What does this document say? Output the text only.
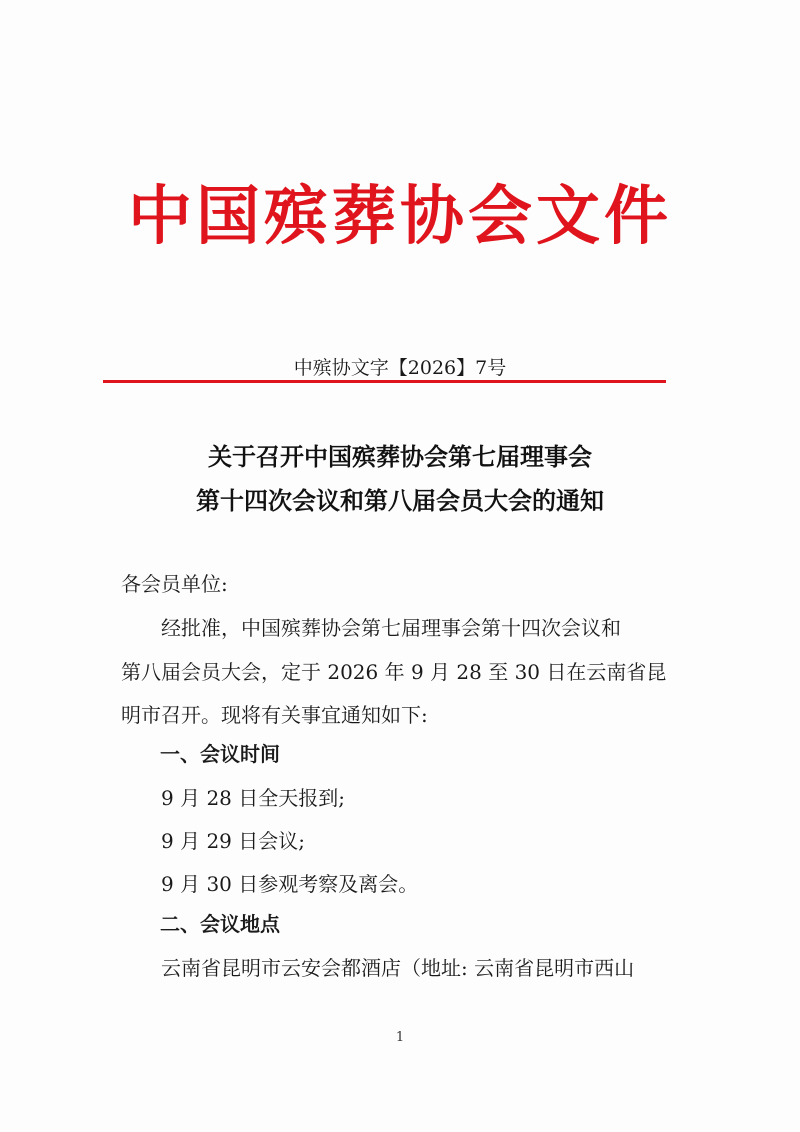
中国殡葬协会文件
中殡协文字【2026】7号
关于召开中国殡葬协会第七届理事会
第十四次会议和第八届会员大会的通知
各会员单位:
经批准，中国殡葬协会第七届理事会第十四次会议和
第八届会员大会，定于 2026 年 9 月 28 至 30 日在云南省昆
明市召开。现将有关事宜通知如下:
一、会议时间
9 月 28 日全天报到;
9 月 29 日会议;
9 月 30 日参观考察及离会。
二、会议地点
云南省昆明市云安会都酒店（地址: 云南省昆明市西山
1
